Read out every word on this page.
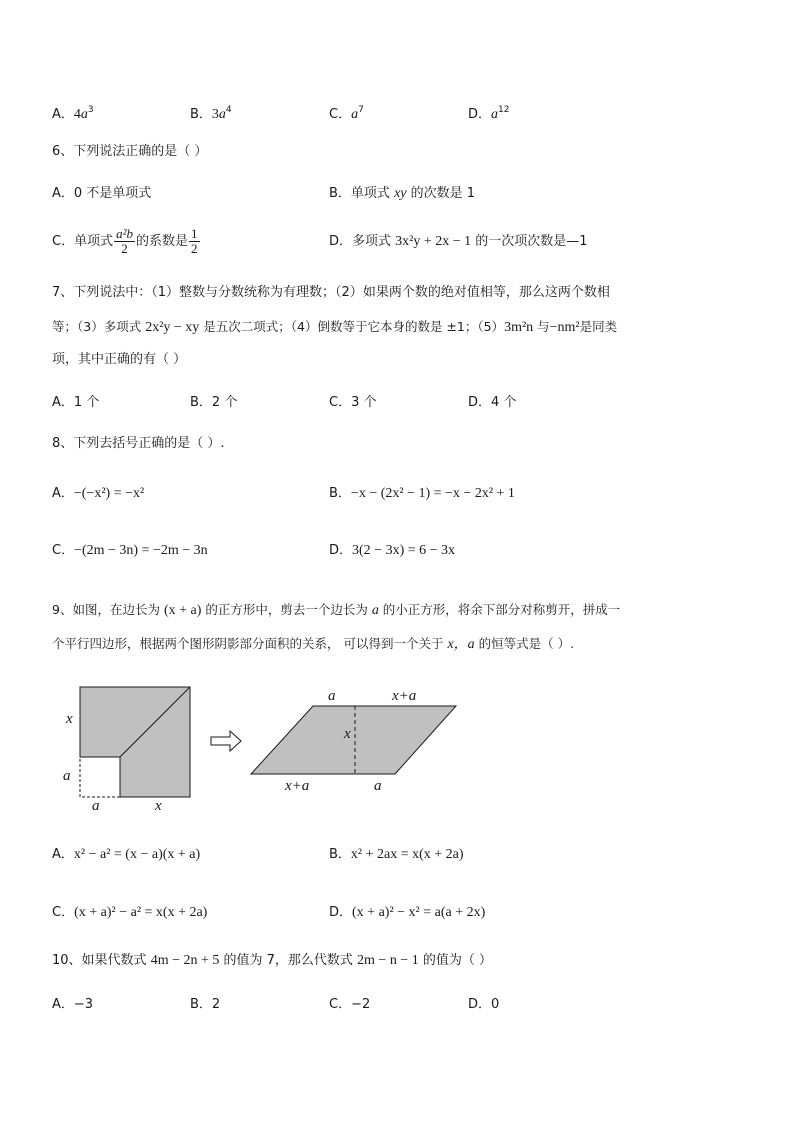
A．$4a^3$	B．$3a^4$	C．$a^7$	D．$a^{12}$
6、下列说法正确的是（ ）
A．0 不是单项式	B．单项式 xy 的次数是 1
C．单项式 $\frac{\text{a²b}}{2}$ 的系数是 $\frac{1}{2}$	D．多项式 3x²y + 2x − 1 的一次项次数是—1
7、下列说法中：（1）整数与分数统称为有理数；（2）如果两个数的绝对值相等，那么这两个数相
等；（3）多项式 2x²y − xy 是五次二项式；（4）倒数等于它本身的数是 ±1；（5）3m²n 与−nm²是同类
项，其中正确的有（ ）
A．1 个	B．2 个	C．3 个	D．4 个
8、下列去括号正确的是（ ）.
A．−(−x²) = −x²	B．−x − (2x² − 1) = −x − 2x² + 1
C．−(2m − 3n) = −2m − 3n	D．3(2 − 3x) = 6 − 3x
9、如图，在边长为 (x + a) 的正方形中，剪去一个边长为 a 的小正方形，将余下部分对称剪开，拼成一
个平行四边形，根据两个图形阴影部分面积的关系， 可以得到一个关于 x，a 的恒等式是（ ）.
x
a
a	x
a	x+a
x
x+a	a
A．x² − a² = (x − a)(x + a)	B．x² + 2ax = x(x + 2a)
C．(x + a)² − a² = x(x + 2a)	D．(x + a)² − x² = a(a + 2x)
10、如果代数式 4m − 2n + 5 的值为 7，那么代数式 2m − n − 1 的值为（ ）
A．−3	B．2	C．−2	D．0
